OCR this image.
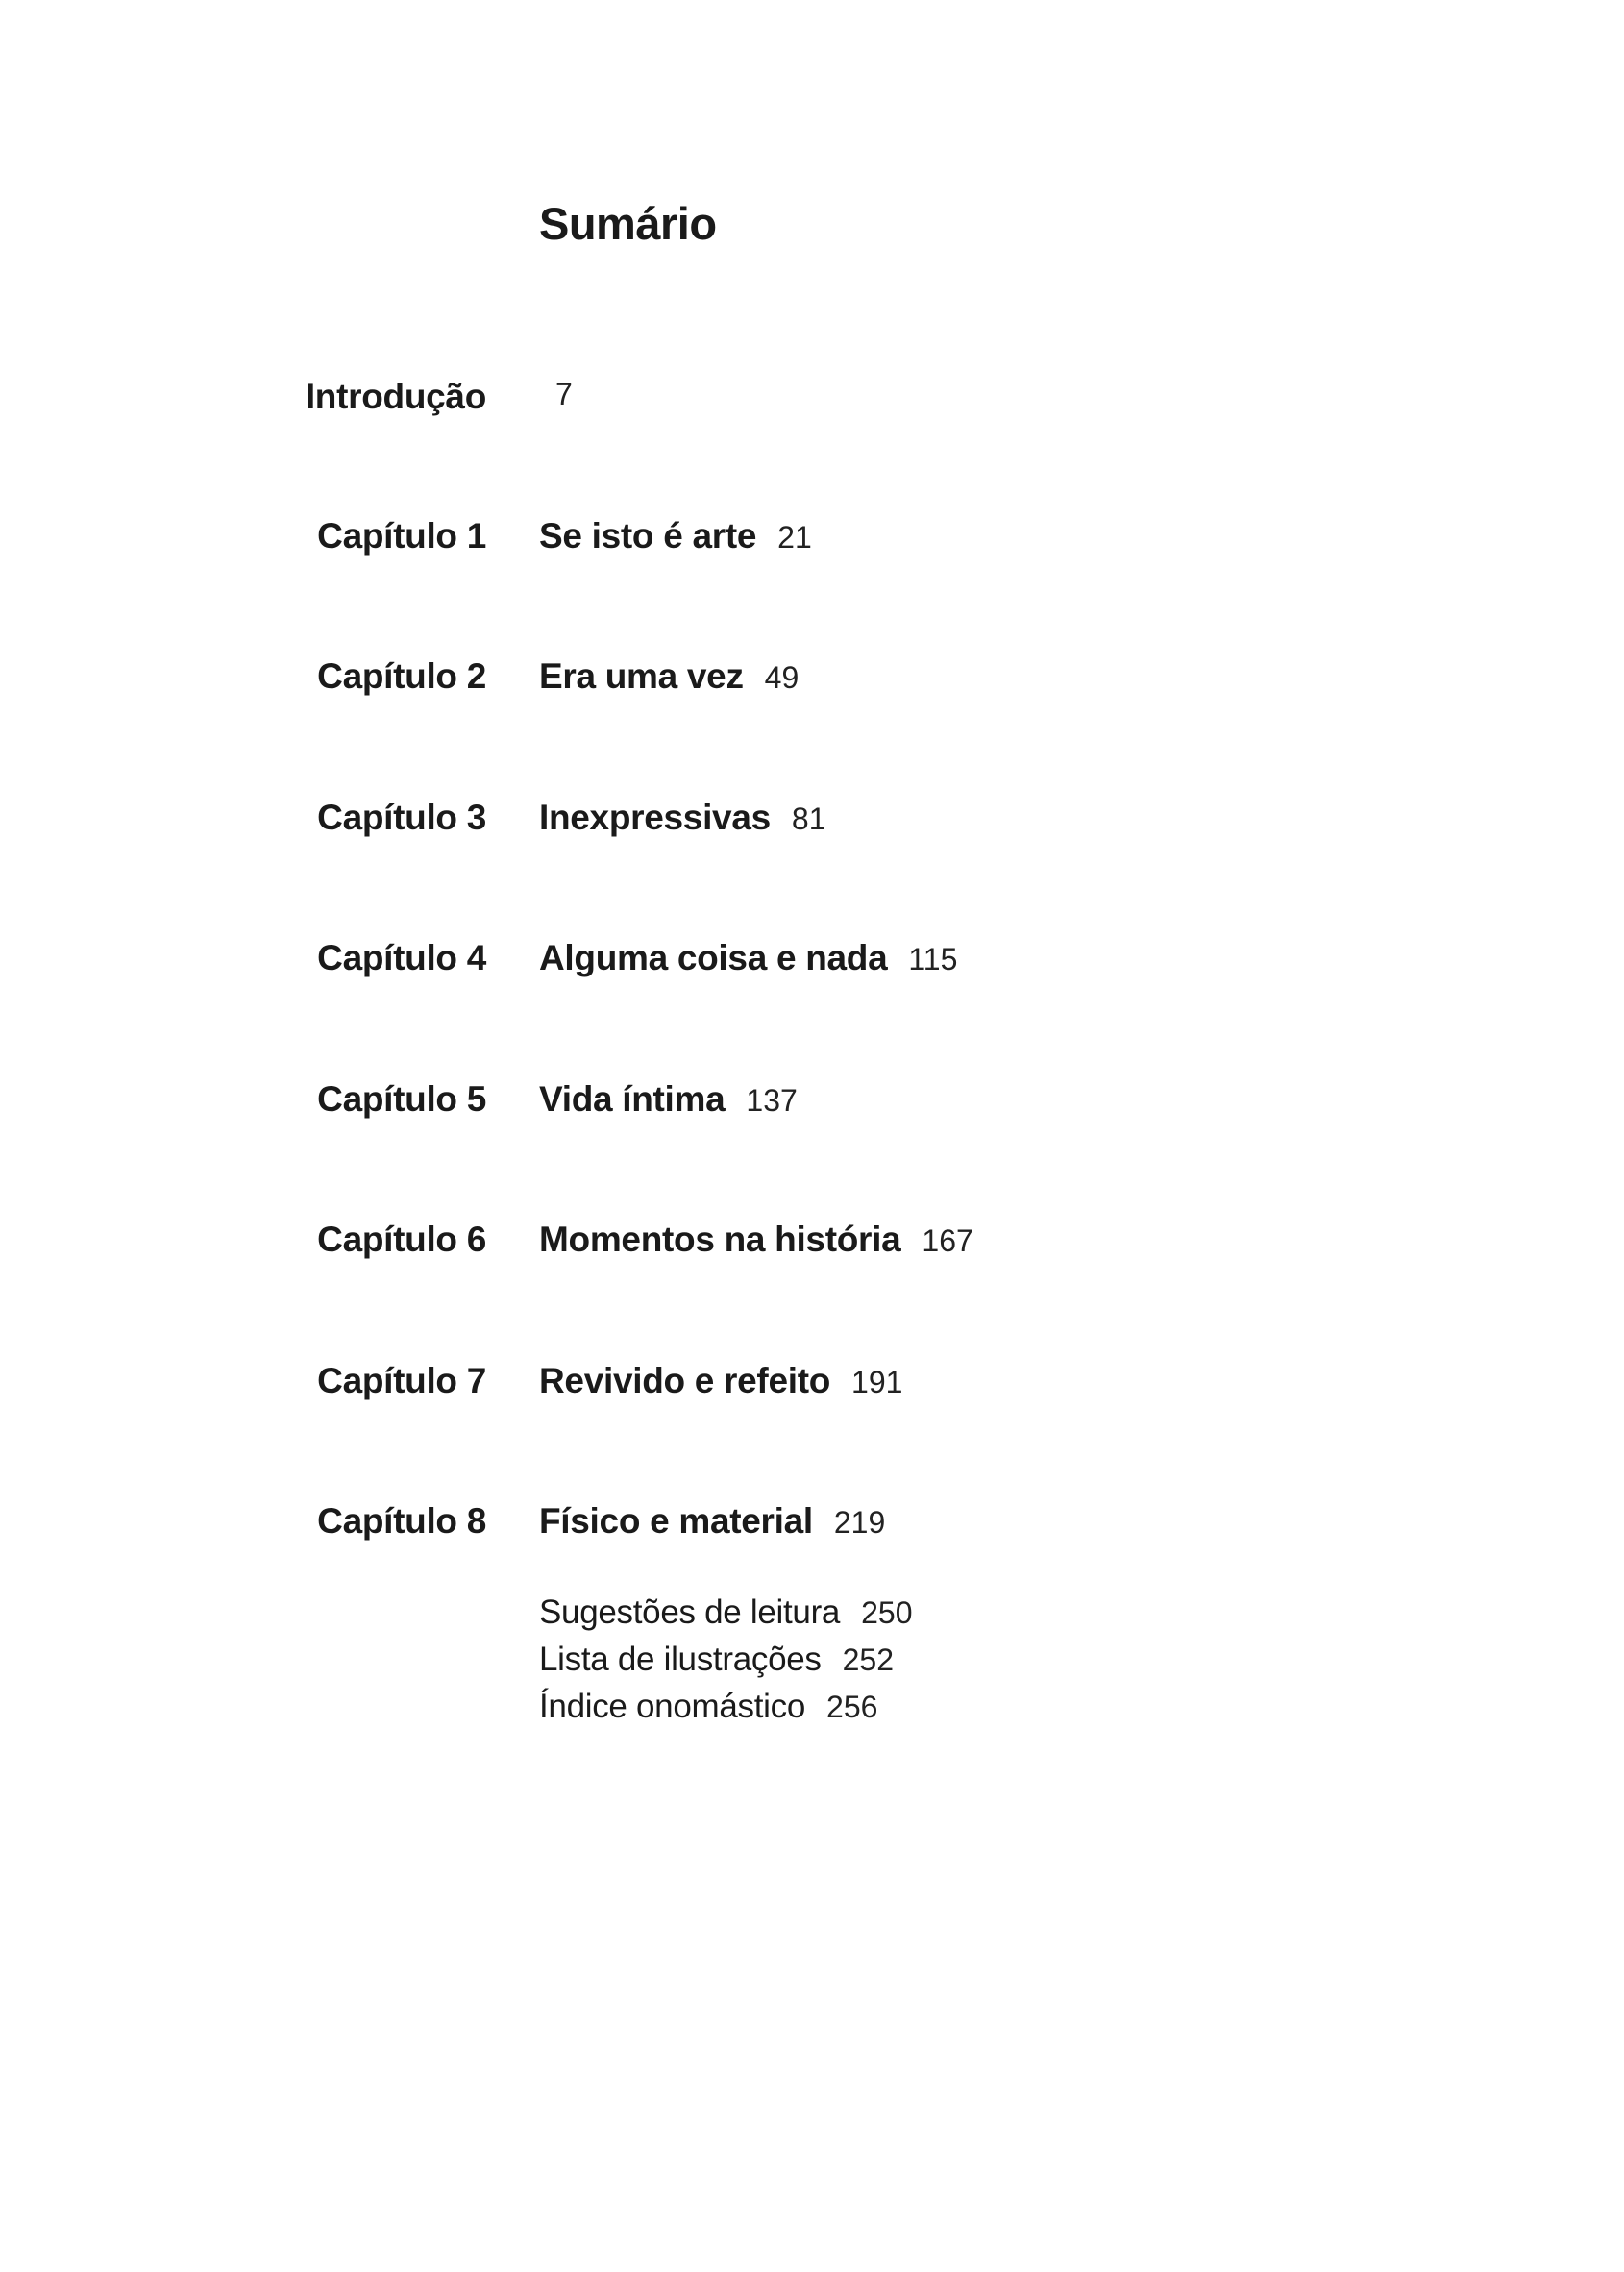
Sumário
Introdução	7
Capítulo 1 Se isto é arte 21
Capítulo 2 Era uma vez 49
Capítulo 3 Inexpressivas 81
Capítulo 4 Alguma coisa e nada 115
Capítulo 5 Vida íntima 137
Capítulo 6 Momentos na história 167
Capítulo 7 Revivido e refeito 191
Capítulo 8 Físico e material 219
Sugestões de leitura 250
Lista de ilustrações 252
Índice onomástico 256
